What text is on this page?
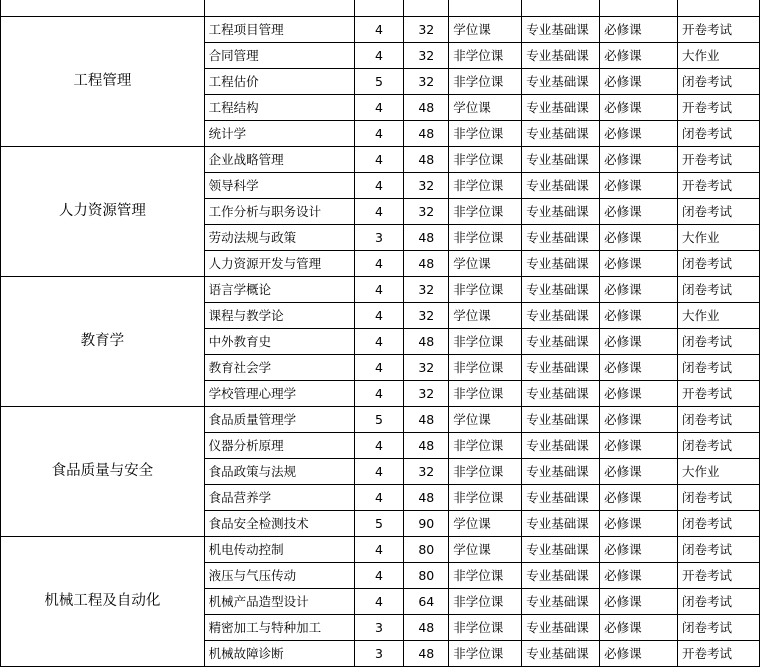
工程管理	工程项目管理	4	32	学位课	专业基础课	必修课	开卷考试
	合同管理	4	32	非学位课	专业基础课	必修课	大作业
	工程估价	5	32	非学位课	专业基础课	必修课	闭卷考试
	工程结构	4	48	学位课	专业基础课	必修课	开卷考试
	统计学	4	48	非学位课	专业基础课	必修课	闭卷考试
人力资源管理	企业战略管理	4	48	非学位课	专业基础课	必修课	开卷考试
	领导科学	4	32	非学位课	专业基础课	必修课	开卷考试
	工作分析与职务设计	4	32	非学位课	专业基础课	必修课	闭卷考试
	劳动法规与政策	3	48	非学位课	专业基础课	必修课	大作业
	人力资源开发与管理	4	48	学位课	专业基础课	必修课	闭卷考试
教育学	语言学概论	4	32	非学位课	专业基础课	必修课	闭卷考试
	课程与教学论	4	32	学位课	专业基础课	必修课	大作业
	中外教育史	4	48	非学位课	专业基础课	必修课	闭卷考试
	教育社会学	4	32	非学位课	专业基础课	必修课	闭卷考试
	学校管理心理学	4	32	非学位课	专业基础课	必修课	开卷考试
食品质量与安全	食品质量管理学	5	48	学位课	专业基础课	必修课	闭卷考试
	仪器分析原理	4	48	非学位课	专业基础课	必修课	闭卷考试
	食品政策与法规	4	32	非学位课	专业基础课	必修课	大作业
	食品营养学	4	48	非学位课	专业基础课	必修课	闭卷考试
	食品安全检测技术	5	90	学位课	专业基础课	必修课	闭卷考试
机械工程及自动化	机电传动控制	4	80	学位课	专业基础课	必修课	闭卷考试
	液压与气压传动	4	80	非学位课	专业基础课	必修课	开卷考试
	机械产品造型设计	4	64	非学位课	专业基础课	必修课	闭卷考试
	精密加工与特种加工	3	48	非学位课	专业基础课	必修课	闭卷考试
	机械故障诊断	3	48	非学位课	专业基础课	必修课	开卷考试
